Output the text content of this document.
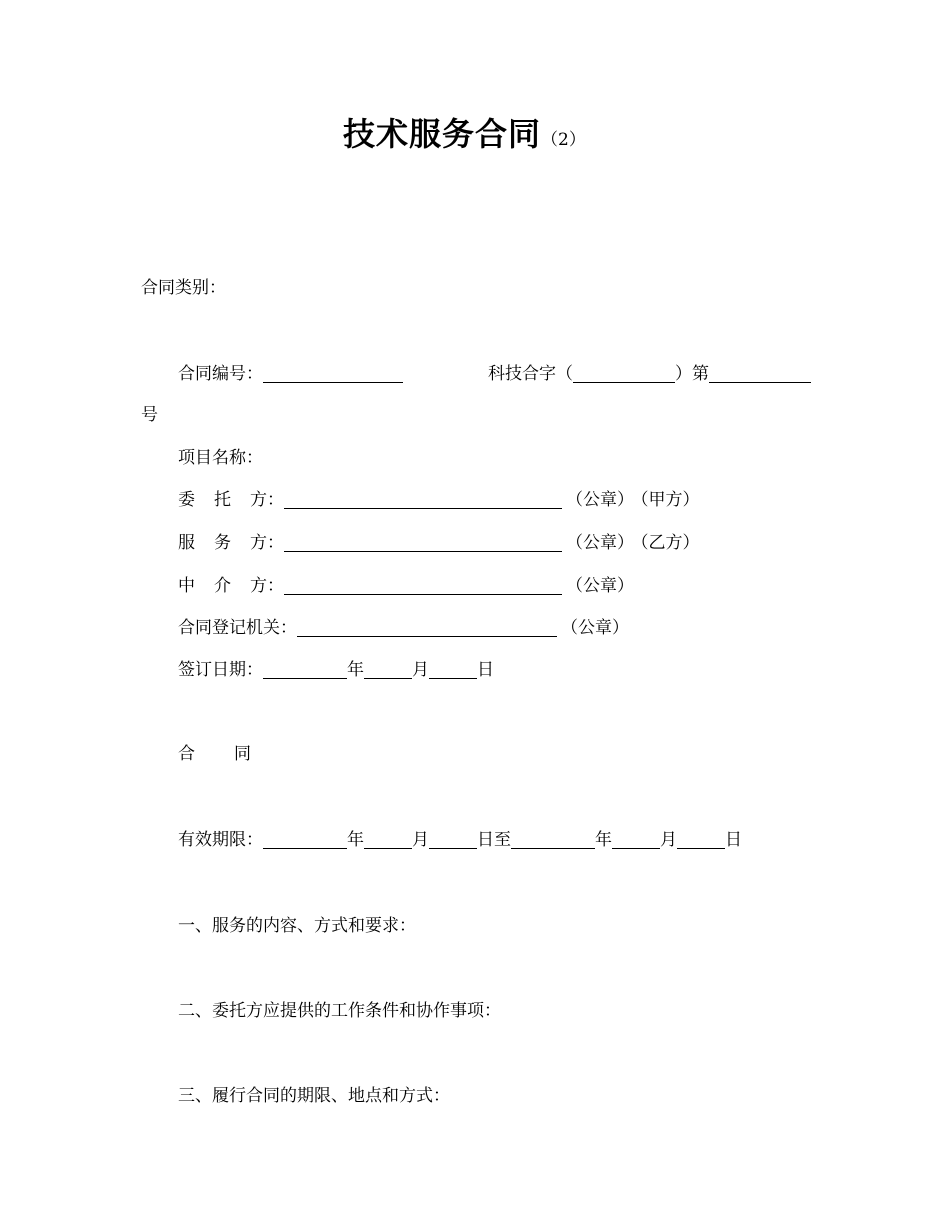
技术服务合同（2）
合同类别：
合同编号：	科技合字（	）第
号
项目名称：
委 托 方：	（公章） （甲方）
服 务 方：	（公章） （乙方）
中 介 方：	（公章）
合同登记机关：	（公章）
签订日期：	年	月	日
合 同
有效期限：	年	月	日至	年	月	日
一、服务的内容、方式和要求：
二、委托方应提供的工作条件和协作事项：
三、履行合同的期限、地点和方式：
